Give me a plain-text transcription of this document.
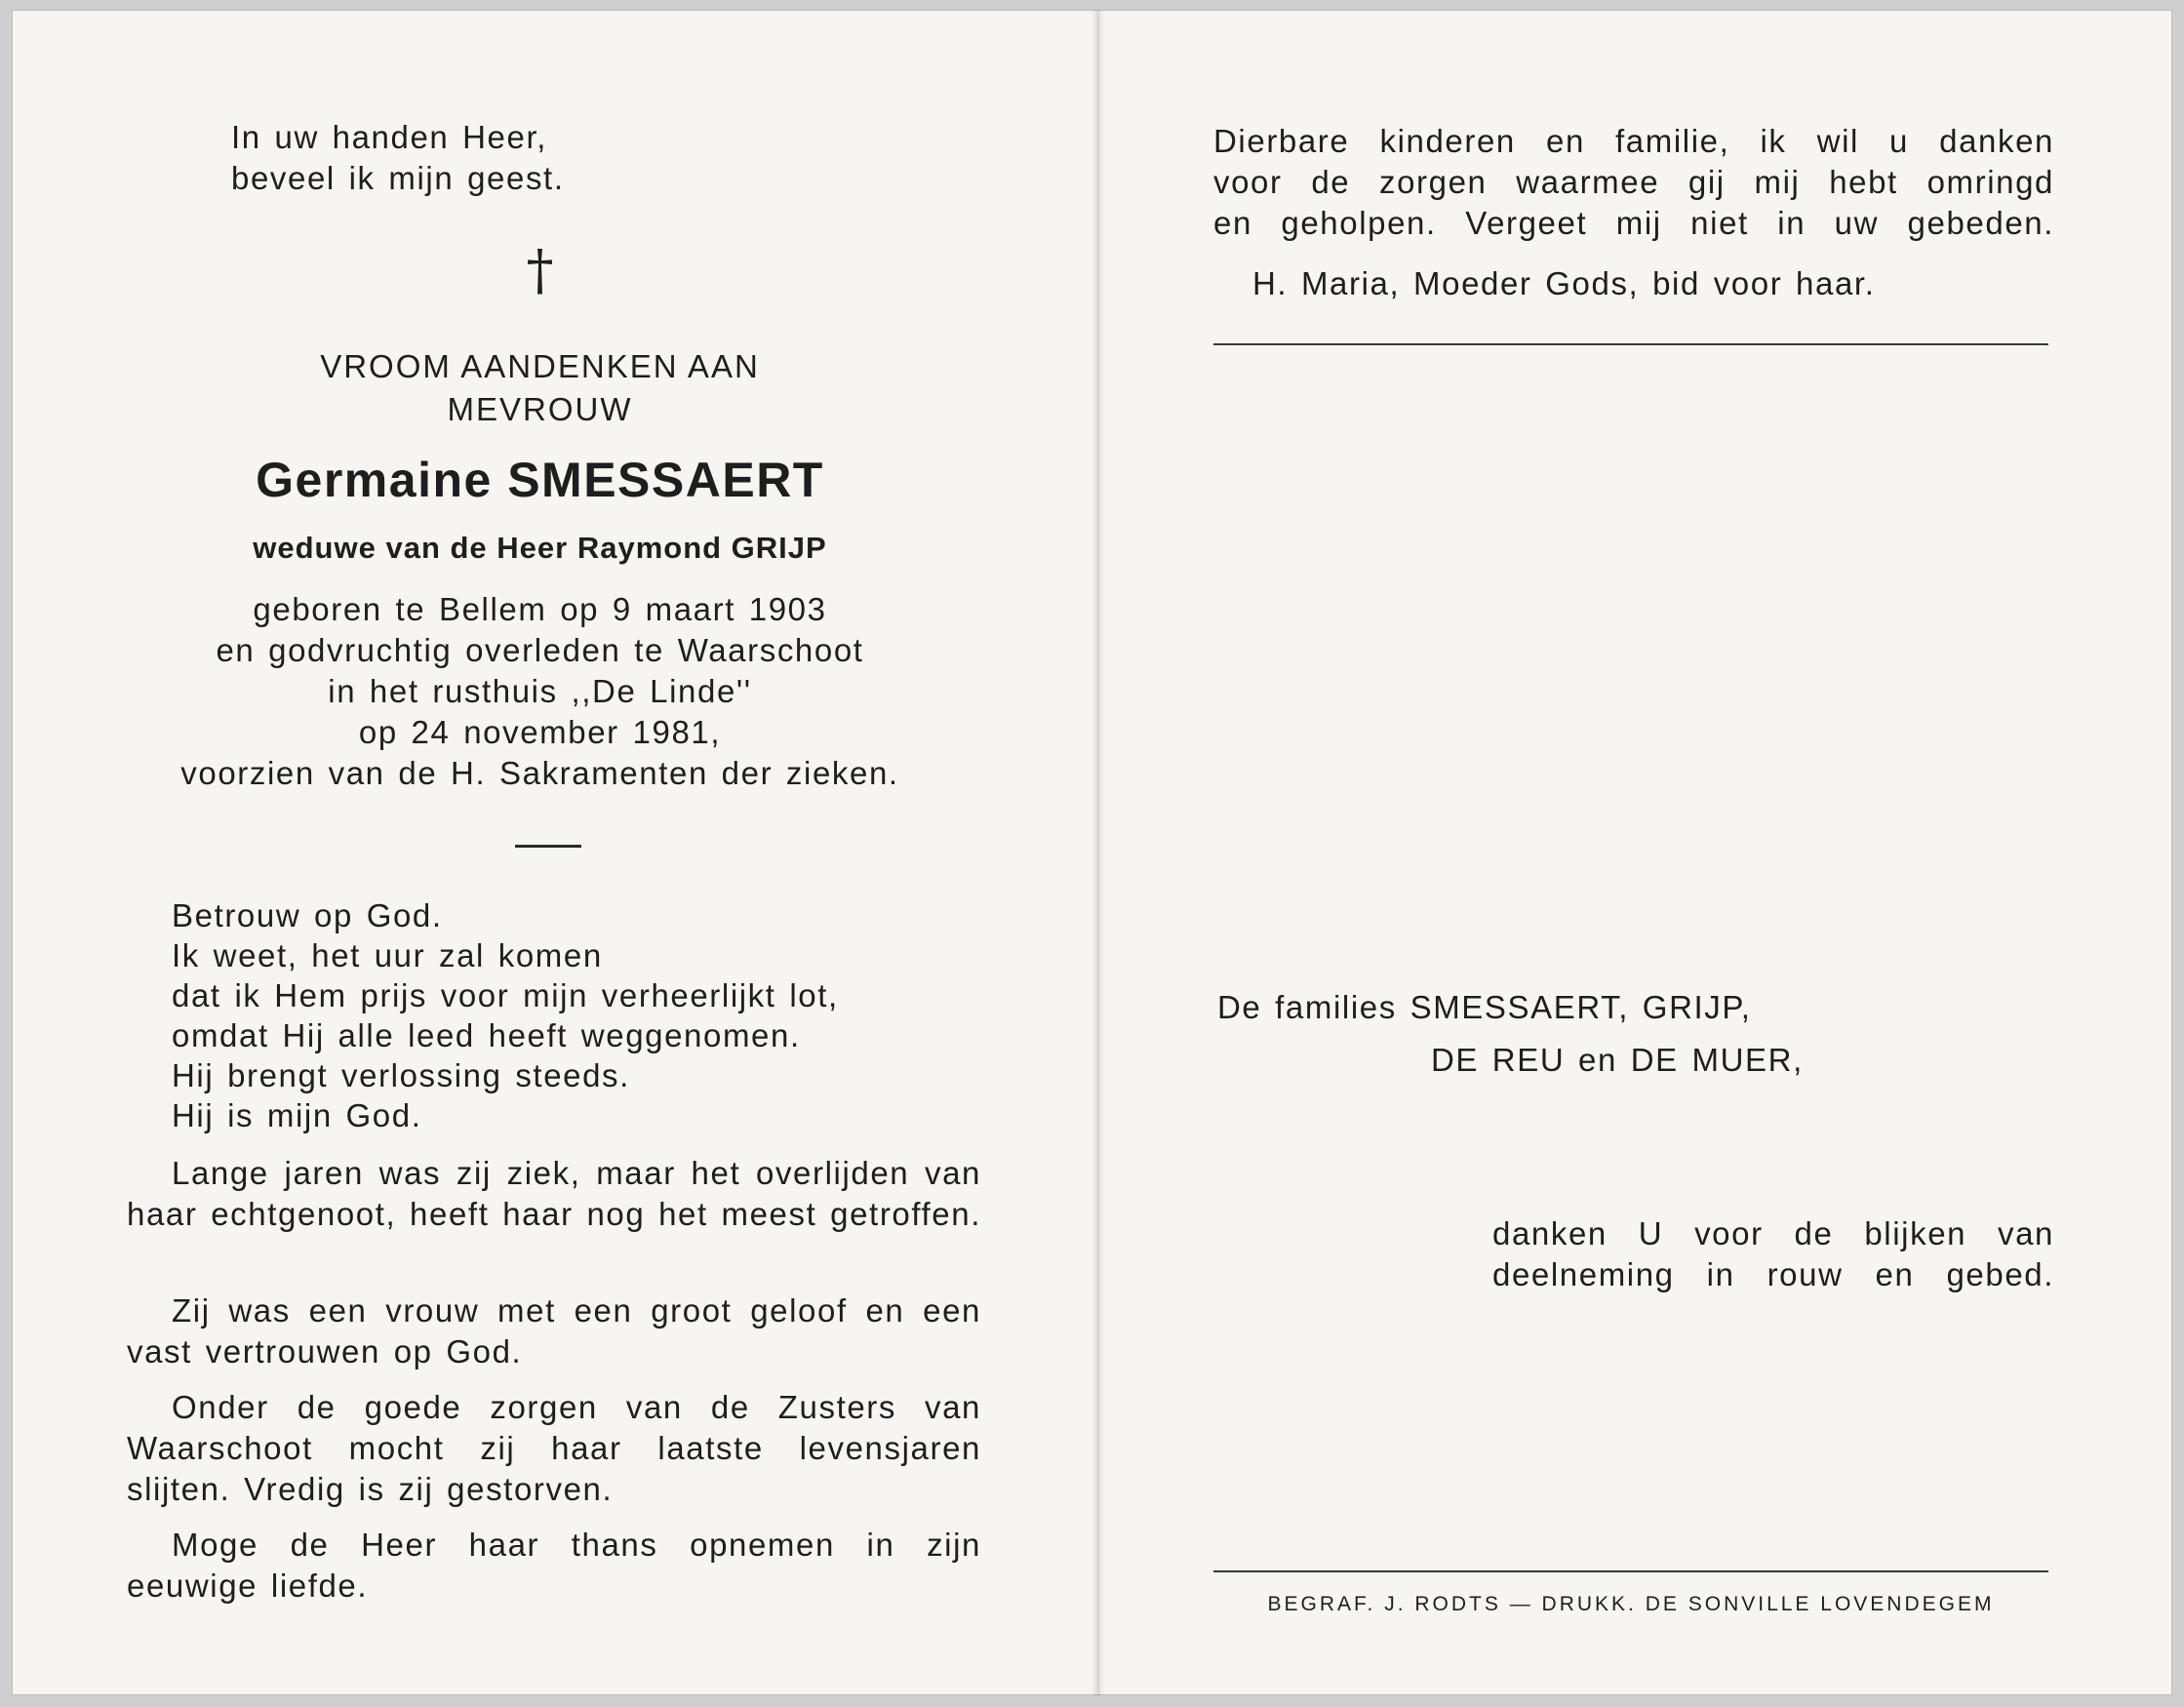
In uw handen Heer,
beveel ik mijn geest.
†
VROOM AANDENKEN AAN
MEVROUW
Germaine SMESSAERT
weduwe van de Heer Raymond GRIJP
geboren te Bellem op 9 maart 1903
en godvruchtig overleden te Waarschoot
in het rusthuis ,,De Linde''
op 24 november 1981,
voorzien van de H. Sakramenten der zieken.
Betrouw op God.
Ik weet, het uur zal komen
dat ik Hem prijs voor mijn verheerlijkt lot,
omdat Hij alle leed heeft weggenomen.
Hij brengt verlossing steeds.
Hij is mijn God.
Lange jaren was zij ziek, maar het overlijden van haar echtgenoot, heeft haar nog het meest getroffen.
Zij was een vrouw met een groot geloof en een vast vertrouwen op God.
Onder de goede zorgen van de Zusters van Waarschoot mocht zij haar laatste levensjaren slijten. Vredig is zij gestorven.
Moge de Heer haar thans opnemen in zijn eeuwige liefde.
Dierbare kinderen en familie, ik wil u danken
voor de zorgen waarmee gij mij hebt omringd
en geholpen. Vergeet mij niet in uw gebeden.
H. Maria, Moeder Gods, bid voor haar.
De families SMESSAERT, GRIJP,
DE REU en DE MUER,
danken U voor de blijken van
deelneming in rouw en gebed.
BEGRAF. J. RODTS — DRUKK. DE SONVILLE LOVENDEGEM
